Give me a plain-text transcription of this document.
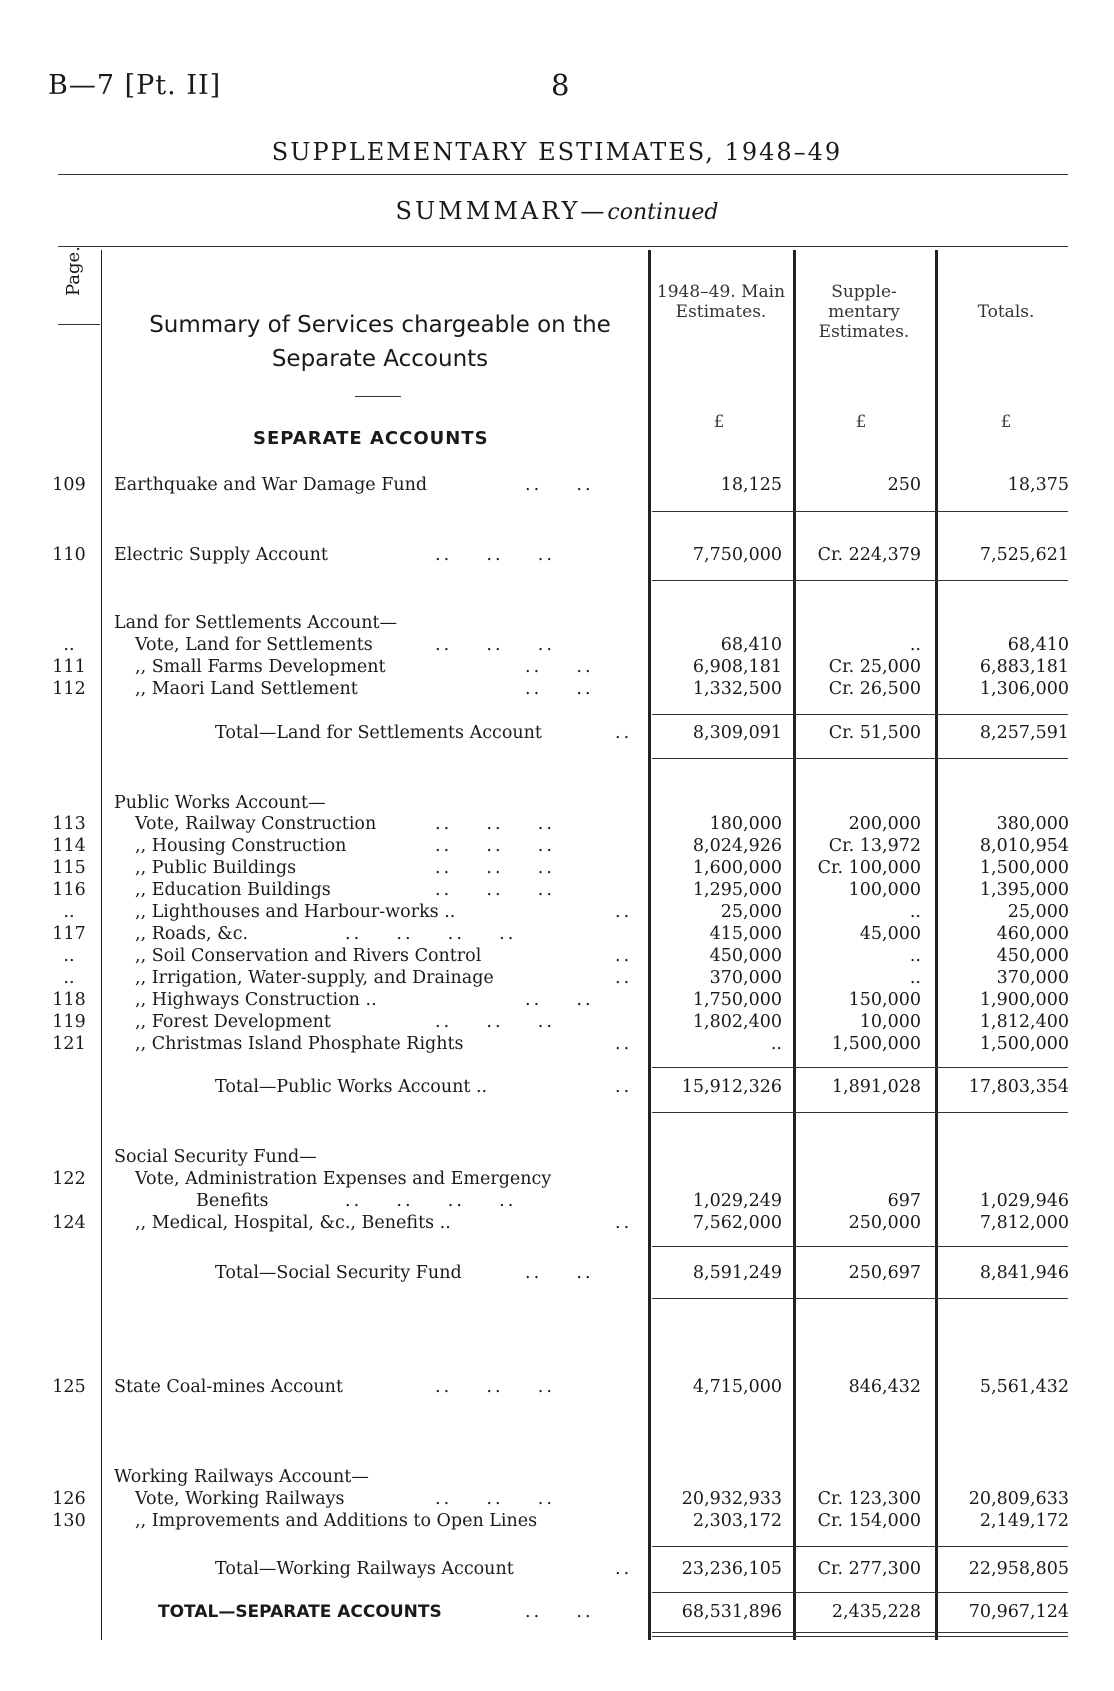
B—7 [Pt. II]	8
SUPPLEMENTARY ESTIMATES, 1948–49
SUMMMARY—continued
Page.
Summary of Services chargeable on the Separate Accounts
1948–49. Main Estimates.
Supple-mentary Estimates.
Totals.
£	£	£
SEPARATE ACCOUNTS
109	Earthquake and War Damage Fund	..    ..	18,125	250	18,375
110	Electric Supply Account	..    ..    ..	7,750,000	Cr. 224,379	7,525,621
Land for Settlements Account—
..	Vote, Land for Settlements	..    ..    ..	68,410	..	68,410
111	,, Small Farms Development	..    ..	6,908,181	Cr. 25,000	6,883,181
112	,, Maori Land Settlement	..    ..	1,332,500	Cr. 26,500	1,306,000
Total—Land for Settlements Account	..	8,309,091	Cr. 51,500	8,257,591
Public Works Account—
113	Vote, Railway Construction	..    ..    ..	180,000	200,000	380,000
114	,, Housing Construction	..    ..    ..	8,024,926	Cr. 13,972	8,010,954
115	,, Public Buildings	..    ..    ..	1,600,000	Cr. 100,000	1,500,000
116	,, Education Buildings	..    ..    ..	1,295,000	100,000	1,395,000
..	,, Lighthouses and Harbour-works ..	..	25,000	..	25,000
117	,, Roads, &c.	..    ..    ..    ..	415,000	45,000	460,000
..	,, Soil Conservation and Rivers Control	..	450,000	..	450,000
..	,, Irrigation, Water-supply, and Drainage	..	370,000	..	370,000
118	,, Highways Construction ..	..    ..	1,750,000	150,000	1,900,000
119	,, Forest Development	..    ..    ..	1,802,400	10,000	1,812,400
121	,, Christmas Island Phosphate Rights	..	..	1,500,000	1,500,000
Total—Public Works Account ..	..	15,912,326	1,891,028	17,803,354
Social Security Fund—
122	Vote, Administration Expenses and Emergency
Benefits	..    ..    ..    ..	1,029,249	697	1,029,946
124	,, Medical, Hospital, &c., Benefits ..	..	7,562,000	250,000	7,812,000
Total—Social Security Fund	..    ..	8,591,249	250,697	8,841,946
125	State Coal-mines Account	..    ..    ..	4,715,000	846,432	5,561,432
Working Railways Account—
126	Vote, Working Railways	..    ..    ..	20,932,933	Cr. 123,300	20,809,633
130	,, Improvements and Additions to Open Lines	2,303,172	Cr. 154,000	2,149,172
Total—Working Railways Account	..	23,236,105	Cr. 277,300	22,958,805
TOTAL—SEPARATE ACCOUNTS	..    ..	68,531,896	2,435,228	70,967,124
